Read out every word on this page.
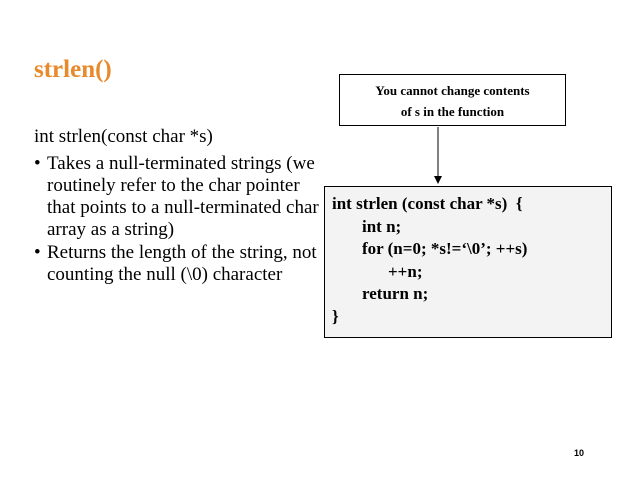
strlen()
int strlen(const char *s)
• Takes a null-terminated strings (we routinely refer to the char pointer that points to a null-terminated char array as a string)
• Returns the length of the string, not counting the null (\0) character
You cannot change contents
of s in the function
int strlen (const char *s)  {
int n;
for (n=0; *s!=‘\0’; ++s)
++n;
return n;
}
10
